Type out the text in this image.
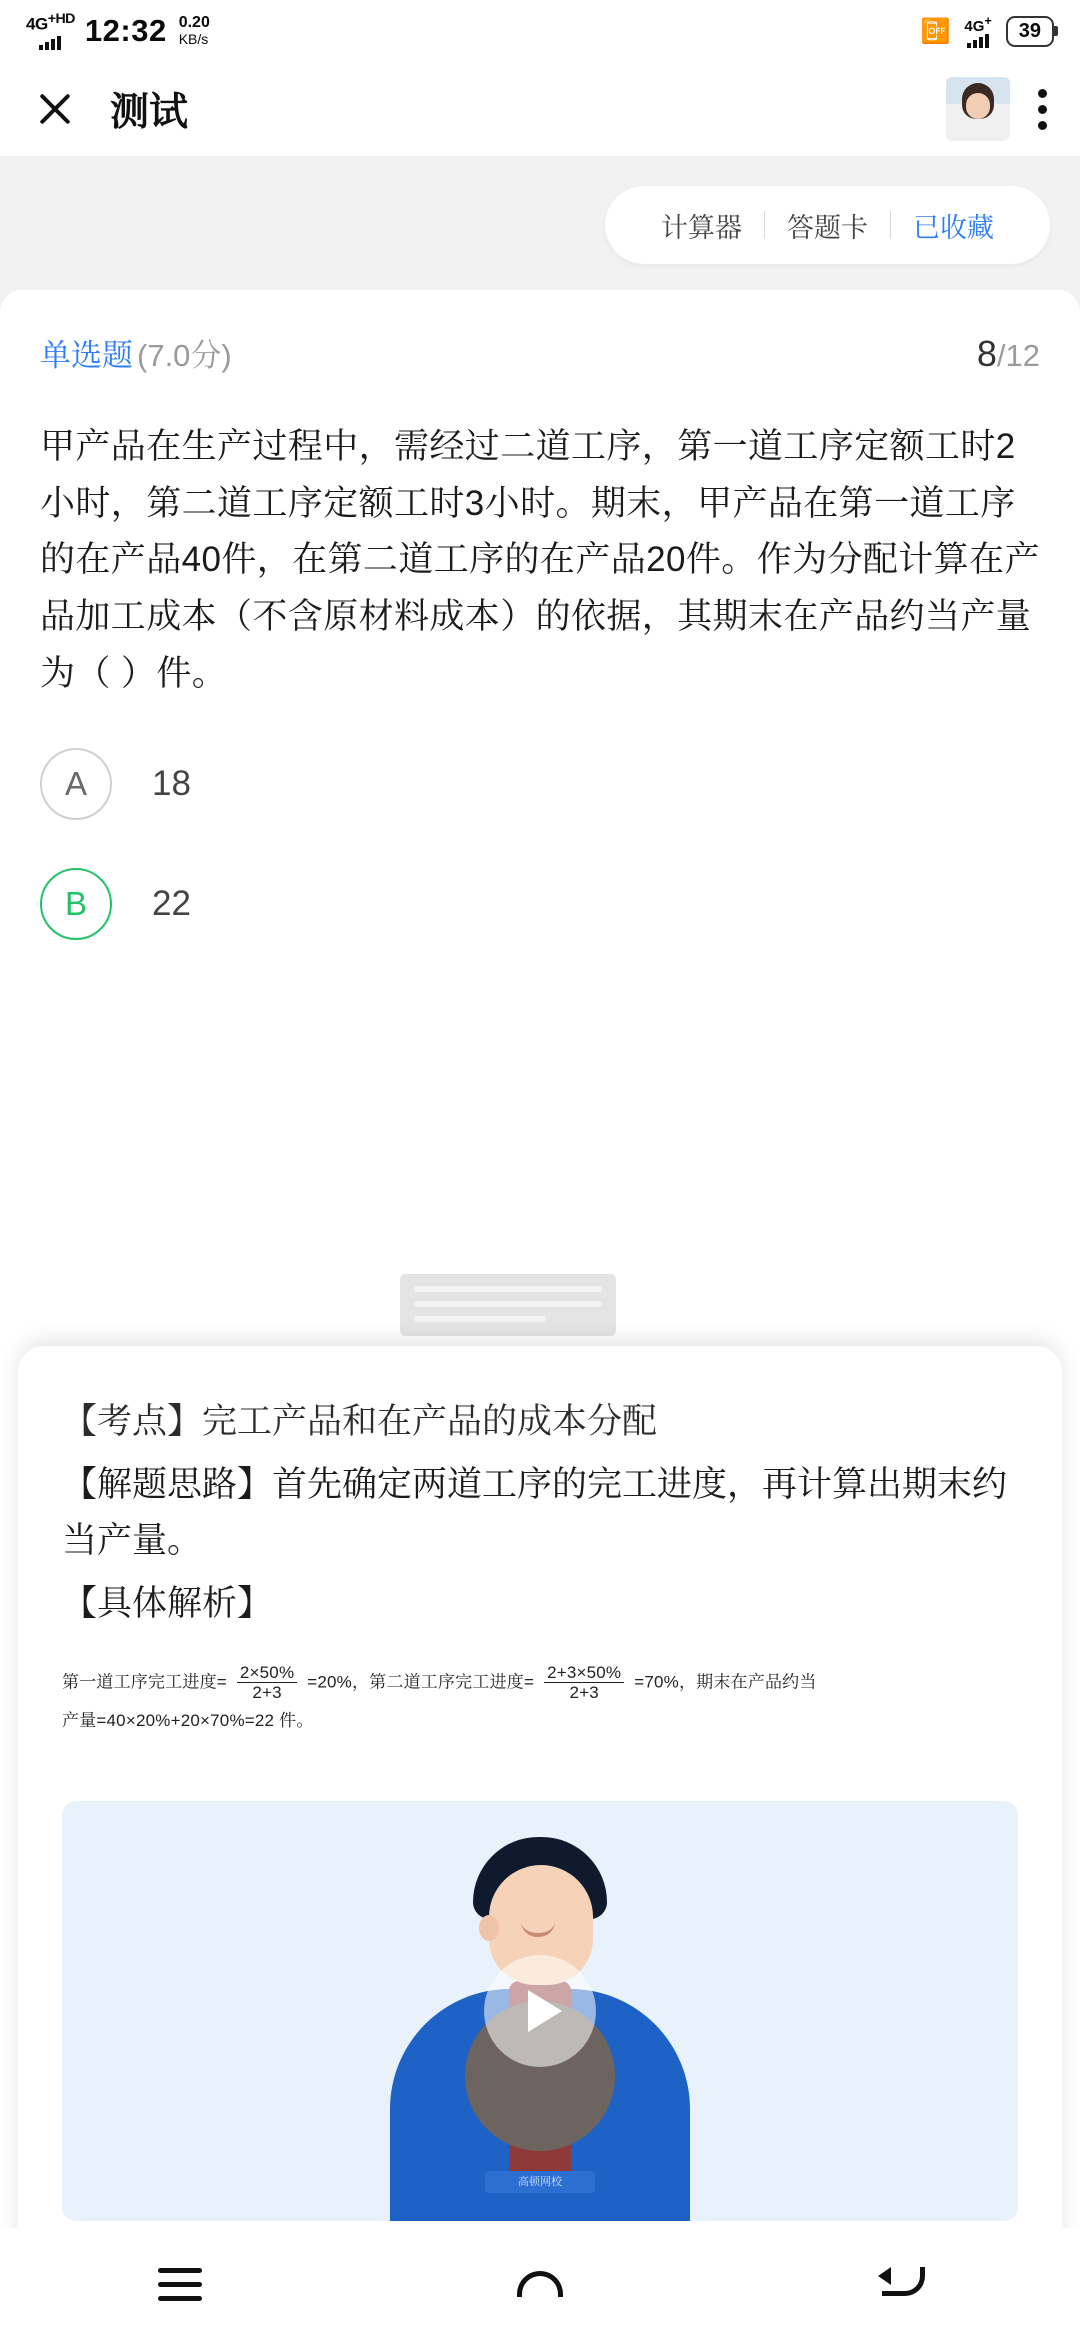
$4G^{+HD}$ 12:32 0.20
KB/s	📴 4G+	39
测试
计算器	答题卡	已收藏
单选题 (7.0分)	8/12
甲产品在生产过程中，需经过二道工序，第一道工序定额工时2小时，第二道工序定额工时3小时。期末，甲产品在第一道工序的在产品40件，在第二道工序的在产品20件。作为分配计算在产品加工成本（不含原材料成本）的依据，其期末在产品约当产量为（ ）件。
A	18
B	22
【考点】完工产品和在产品的成本分配
【解题思路】首先确定两道工序的完工进度，再计算出期末约当产量。
【具体解析】
第一道工序完工进度= $\frac{2\times 50\%}{2+3} =20\%$，第二道工序完工进度= $\frac{2+3\times 50\%}{2+3} =70\%$，期末在产品约当
产量=40×20%+20×70%=22 件。
高顿网校
